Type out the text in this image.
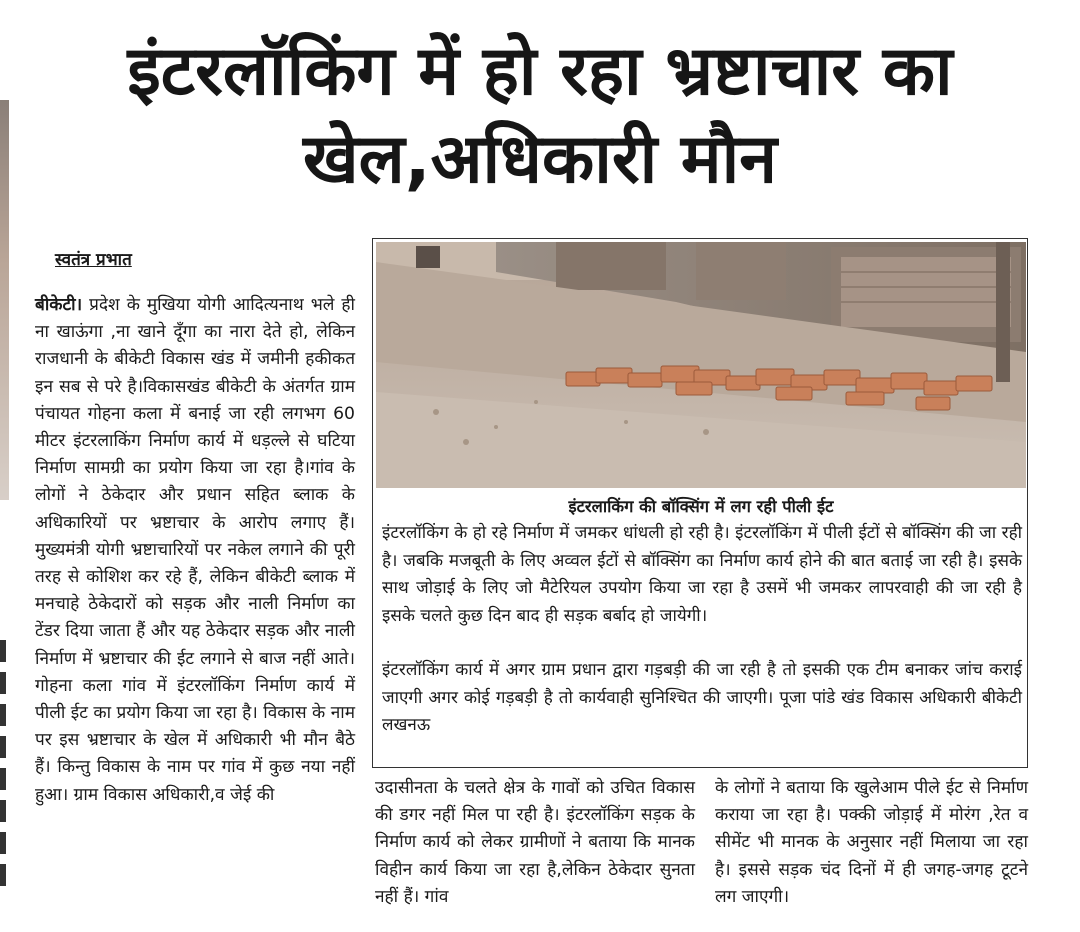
इंटरलॉकिंग में हो रहा भ्रष्टाचार का
खेल,अधिकारी मौन
स्वतंत्र प्रभात
बीकेटी। प्रदेश के मुखिया योगी आदित्यनाथ भले ही ना खाऊंगा ,ना खाने दूँगा का नारा देते हो, लेकिन राजधानी के बीकेटी विकास खंड में जमीनी हकीकत इन सब से परे है।विकासखंड बीकेटी के अंतर्गत ग्राम पंचायत गोहना कला में बनाई जा रही लगभग 60 मीटर इंटरलाकिंग निर्माण कार्य में धड़ल्ले से घटिया निर्माण सामग्री का प्रयोग किया जा रहा है।गांव के लोगों ने ठेकेदार और प्रधान सहित ब्लाक के अधिकारियों पर भ्रष्टाचार के आरोप लगाए हैं।मुख्यमंत्री योगी भ्रष्टाचारियों पर नकेल लगाने की पूरी तरह से कोशिश कर रहे हैं, लेकिन बीकेटी ब्लाक में मनचाहे ठेकेदारों को सड़क और नाली निर्माण का टेंडर दिया जाता हैं और यह ठेकेदार सड़क और नाली निर्माण में भ्रष्टाचार की ईट लगाने से बाज नहीं आते। गोहना कला गांव में इंटरलॉकिंग निर्माण कार्य में पीली ईट का प्रयोग किया जा रहा है। विकास के नाम पर इस भ्रष्टाचार के खेल में अधिकारी भी मौन बैठे हैं। किन्तु विकास के नाम पर गांव में कुछ नया नहीं हुआ। ग्राम विकास अधिकारी,व जेई की
इंटरलाकिंग की बॉक्सिंग में लग रही पीली ईट

इंटरलॉकिंग के हो रहे निर्माण में जमकर धांधली हो रही है। इंटरलॉकिंग में पीली ईटों से बॉक्सिंग की जा रही है। जबकि मजबूती के लिए अव्वल ईटों से बॉक्सिंग का निर्माण कार्य होने की बात बताई जा रही है। इसके साथ जोड़ाई के लिए जो मैटेरियल उपयोग किया जा रहा है उसमें भी जमकर लापरवाही की जा रही है इसके चलते कुछ दिन बाद ही सड़क बर्बाद हो जायेगी।

इंटरलॉकिंग कार्य में अगर ग्राम प्रधान द्वारा गड़बड़ी की जा रही है तो इसकी एक टीम बनाकर जांच कराई जाएगी अगर कोई गड़बड़ी है तो कार्यवाही सुनिश्चित की जाएगी। पूजा पांडे खंड विकास अधिकारी बीकेटी लखनऊ

उदासीनता के चलते क्षेत्र के गावों को उचित विकास की डगर नहीं मिल पा रही है। इंटरलॉकिंग सड़क के निर्माण कार्य को लेकर ग्रामीणों ने बताया कि मानक विहीन कार्य किया जा रहा है,लेकिन ठेकेदार सुनता नहीं हैं। गांव
के लोगों ने बताया कि खुलेआम पीले ईट से निर्माण कराया जा रहा है। पक्की जोड़ाई में मोरंग ,रेत व सीमेंट भी मानक के अनुसार नहीं मिलाया जा रहा है। इससे सड़क चंद दिनों में ही जगह-जगह टूटने लग जाएगी।
